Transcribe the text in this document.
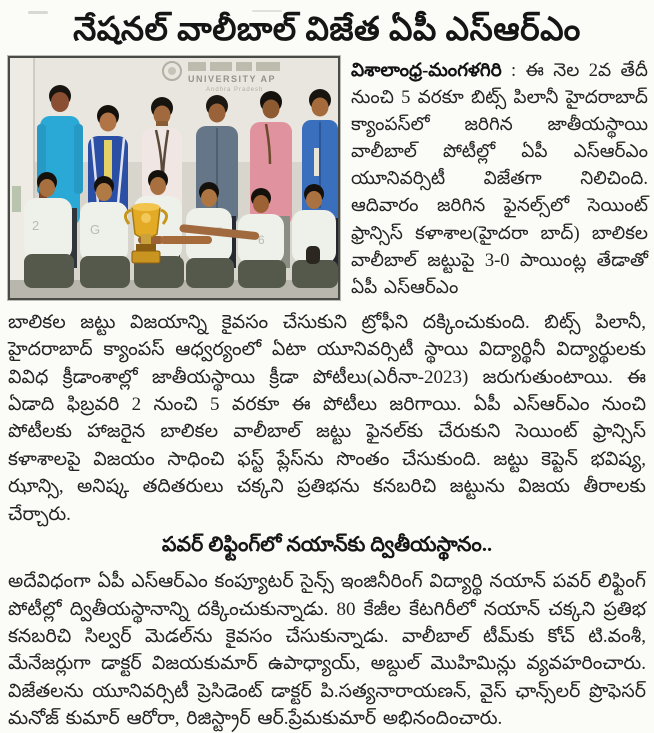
నేషనల్ వాలీబాల్ విజేత ఏపీ ఎస్ఆర్ఎం
UNIVERSITY AP
Andhra Pradesh
2	G
6

విశాలాంధ్ర-మంగళగిరి : ఈ నెల 2వ తేదీ నుంచి 5 వరకూ బిట్స్ పిలానీ హైదరాబాద్ క్యాంపస్‌లో జరిగిన జాతీయస్థాయి వాలీబాల్ పోటీల్లో ఏపీ ఎస్ఆర్ఎం యూనివర్సిటీ విజేతగా నిలిచింది. ఆదివారం జరిగిన ఫైనల్స్‌లో సెయింట్ ఫ్రాన్సిస్ కళాశాల(హైదరా బాద్) బాలికల వాలీబాల్ జట్టుపై 3-0 పాయింట్ల తేడాతో ఏపీ ఎస్ఆర్ఎం

బాలికల జట్టు విజయాన్ని కైవసం చేసుకుని ట్రోఫీని దక్కించుకుంది. బిట్స్ పిలానీ, హైదరాబాద్ క్యాంపస్ ఆధ్వర్యంలో ఏటా యూనివర్సిటీ స్థాయి విద్యార్థినీ విద్యార్థులకు వివిధ క్రీడాంశాల్లో జాతీయస్థాయి క్రీడా పోటీలు(ఎరీనా-2023) జరుగుతుంటాయి. ఈ ఏడాది ఫిబ్రవరి 2 నుంచి 5 వరకూ ఈ పోటీలు జరిగాయి. ఏపీ ఎస్ఆర్ఎం నుంచి పోటీలకు హాజరైన బాలికల వాలీబాల్ జట్టు ఫైనల్‌కు చేరుకుని సెయింట్ ఫ్రాన్సిస్ కళాశాలపై విజయం సాధించి ఫస్ట్ ప్లేస్‌ను సొంతం చేసుకుంది. జట్టు కెప్టెన్ భవిష్య, ఝాన్సి, అనిష్క తదితరులు చక్కని ప్రతిభను కనబరిచి జట్టును విజయ తీరాలకు చేర్చారు.

పవర్ లిఫ్టింగ్‌లో నయాన్‌కు ద్వితీయస్థానం..

అదేవిధంగా ఏపీ ఎస్ఆర్ఎం కంప్యూటర్ సైన్స్ ఇంజినీరింగ్ విద్యార్థి నయాన్ పవర్ లిఫ్టింగ్ పోటీల్లో ద్వితీయస్థానాన్ని దక్కించుకున్నాడు. 80 కేజీల కేటగిరీలో నయాన్ చక్కని ప్రతిభ కనబరిచి సిల్వర్ మెడల్‌ను కైవసం చేసుకున్నాడు. వాలీబాల్ టీమ్‌కు కోచ్ టి.వంశీ, మేనేజర్లుగా డాక్టర్ విజయకుమార్ ఉపాధ్యాయ్, అబ్దుల్ మొహిమిన్లు వ్యవహరించారు. విజేతలను యూనివర్సిటీ ప్రెసిడెంట్ డాక్టర్ పి.సత్యనారాయణన్, వైస్ ఛాన్స్‌లర్ ప్రొఫెసర్ మనోజ్ కుమార్ ఆరోరా, రిజిస్ట్రార్ ఆర్.ప్రేమకుమార్ అభినందించారు.
